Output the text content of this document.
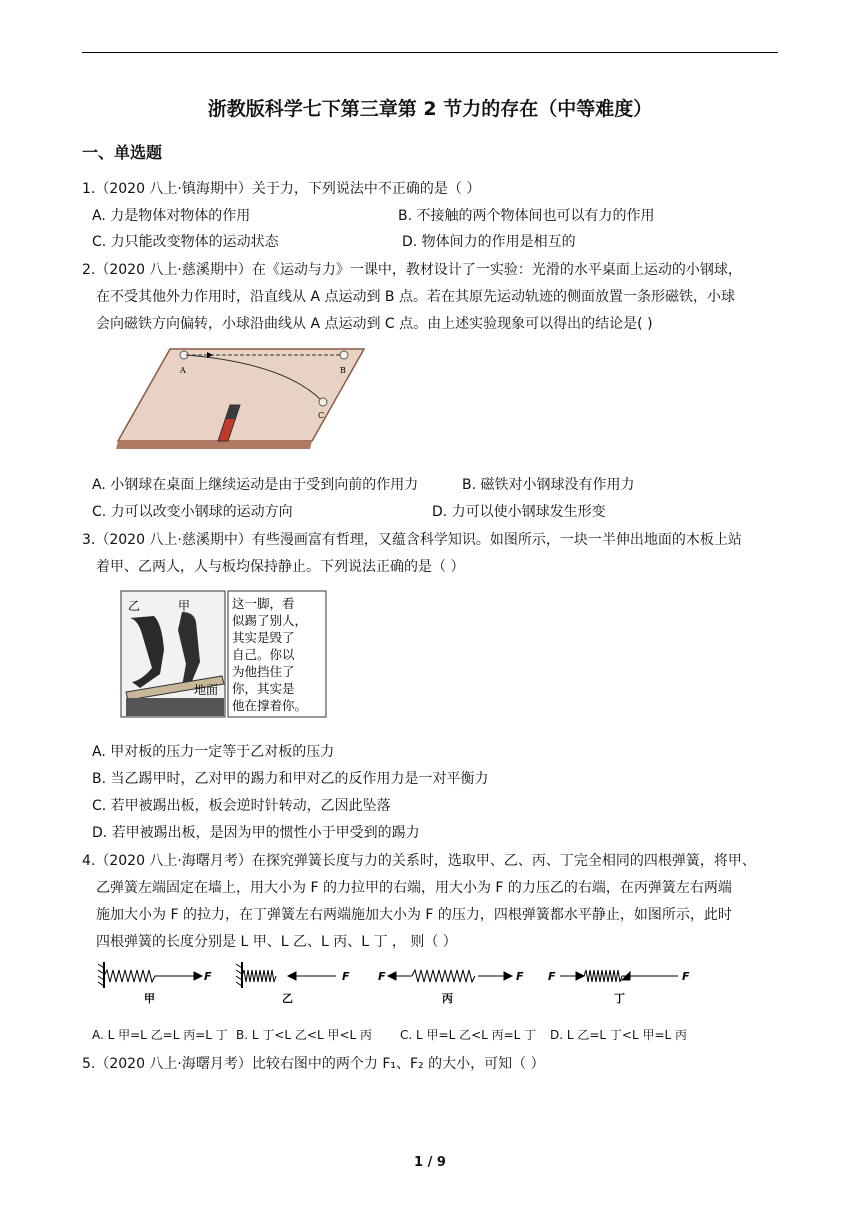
浙教版科学七下第三章第 2 节力的存在（中等难度）
一、单选题
1.（2020 八上·镇海期中）关于力，下列说法中不正确的是（ ）
A. 力是物体对物体的作用	B. 不接触的两个物体间也可以有力的作用
C. 力只能改变物体的运动状态	D. 物体间力的作用是相互的
2.（2020 八上·慈溪期中）在《运动与力》一课中，教材设计了一实验：光滑的水平桌面上运动的小钢球，
在不受其他外力作用时，沿直线从 A 点运动到 B 点。若在其原先运动轨迹的侧面放置一条形磁铁，小球
会向磁铁方向偏转，小球沿曲线从 A 点运动到 C 点。由上述实验现象可以得出的结论是( )
A	B
C
A. 小钢球在桌面上继续运动是由于受到向前的作用力	B. 磁铁对小钢球没有作用力
C. 力可以改变小钢球的运动方向	D. 力可以使小钢球发生形变
3.（2020 八上·慈溪期中）有些漫画富有哲理，又蕴含科学知识。如图所示，一块一半伸出地面的木板上站
着甲、乙两人，人与板均保持静止。下列说法正确的是（ ）
乙	甲
地面
这一脚，看
似踢了别人，
其实是毁了
自己。你以
为他挡住了
你，其实是
他在撑着你。
A. 甲对板的压力一定等于乙对板的压力
B. 当乙踢甲时，乙对甲的踢力和甲对乙的反作用力是一对平衡力
C. 若甲被踢出板，板会逆时针转动，乙因此坠落
D. 若甲被踢出板，是因为甲的惯性小于甲受到的踢力
4.（2020 八上·海曙月考）在探究弹簧长度与力的关系时，选取甲、乙、丙、丁完全相同的四根弹簧，将甲、
乙弹簧左端固定在墙上，用大小为 F 的力拉甲的右端，用大小为 F 的力压乙的右端，在丙弹簧左右两端
施加大小为 F 的拉力，在丁弹簧左右两端施加大小为 F 的压力，四根弹簧都水平静止，如图所示，此时
四根弹簧的长度分别是 L 甲、L 乙、L 丙、L 丁 ， 则（ ）
F	F	F	F F	F
甲	乙	丙	丁
A. L 甲=L 乙=L 丙=L 丁 B. L 丁<L 乙<L 甲<L 丙 C. L 甲=L 乙<L 丙=L 丁 D. L 乙=L 丁<L 甲=L 丙
5.（2020 八上·海曙月考）比较右图中的两个力 F₁、F₂ 的大小，可知（ ）
1 / 9
